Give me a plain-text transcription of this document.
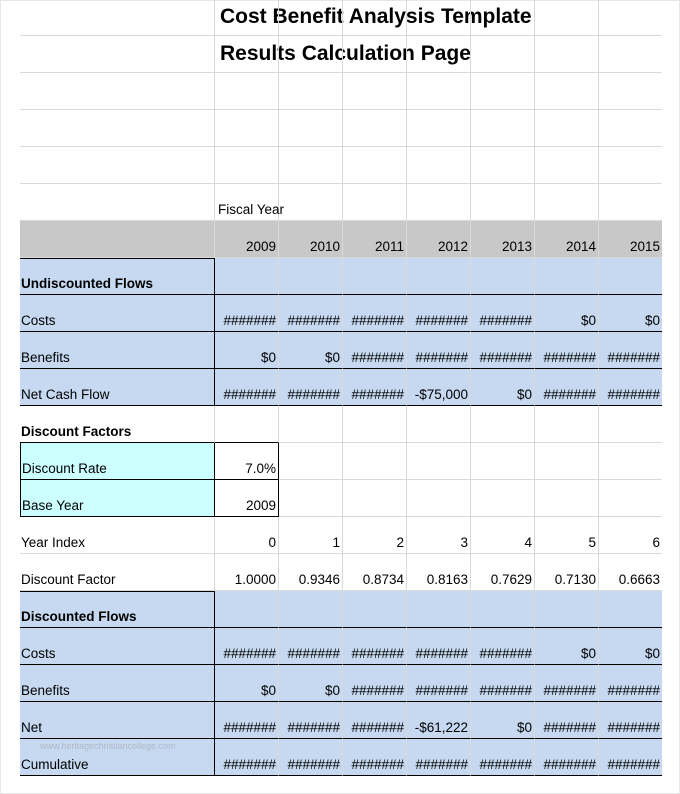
Cost Benefit Analysis Template
Results Calculation Page
Fiscal Year
2009	2010	2011	2012	2013	2014	2015
Undiscounted Flows
Costs	####### ####### ####### ####### #######	$0	$0
Benefits	$0	$0 ####### ####### ####### ####### #######
Net Cash Flow	####### ####### ####### -$75,000	$0 ####### #######
Discount Factors
Discount Rate	7.0%
Base Year	2009
Year Index	0	1	2	3	4	5	6
Discount Factor	1.0000	0.9346	0.8734	0.8163	0.7629	0.7130	0.6663
Discounted Flows
Costs	####### ####### ####### ####### #######	$0	$0
Benefits	$0	$0 ####### ####### ####### ####### #######
Net	####### ####### ####### -$61,222	$0 ####### #######
Cumulative	####### ####### ####### ####### ####### ####### #######
www.heritagechristiancollege.com
